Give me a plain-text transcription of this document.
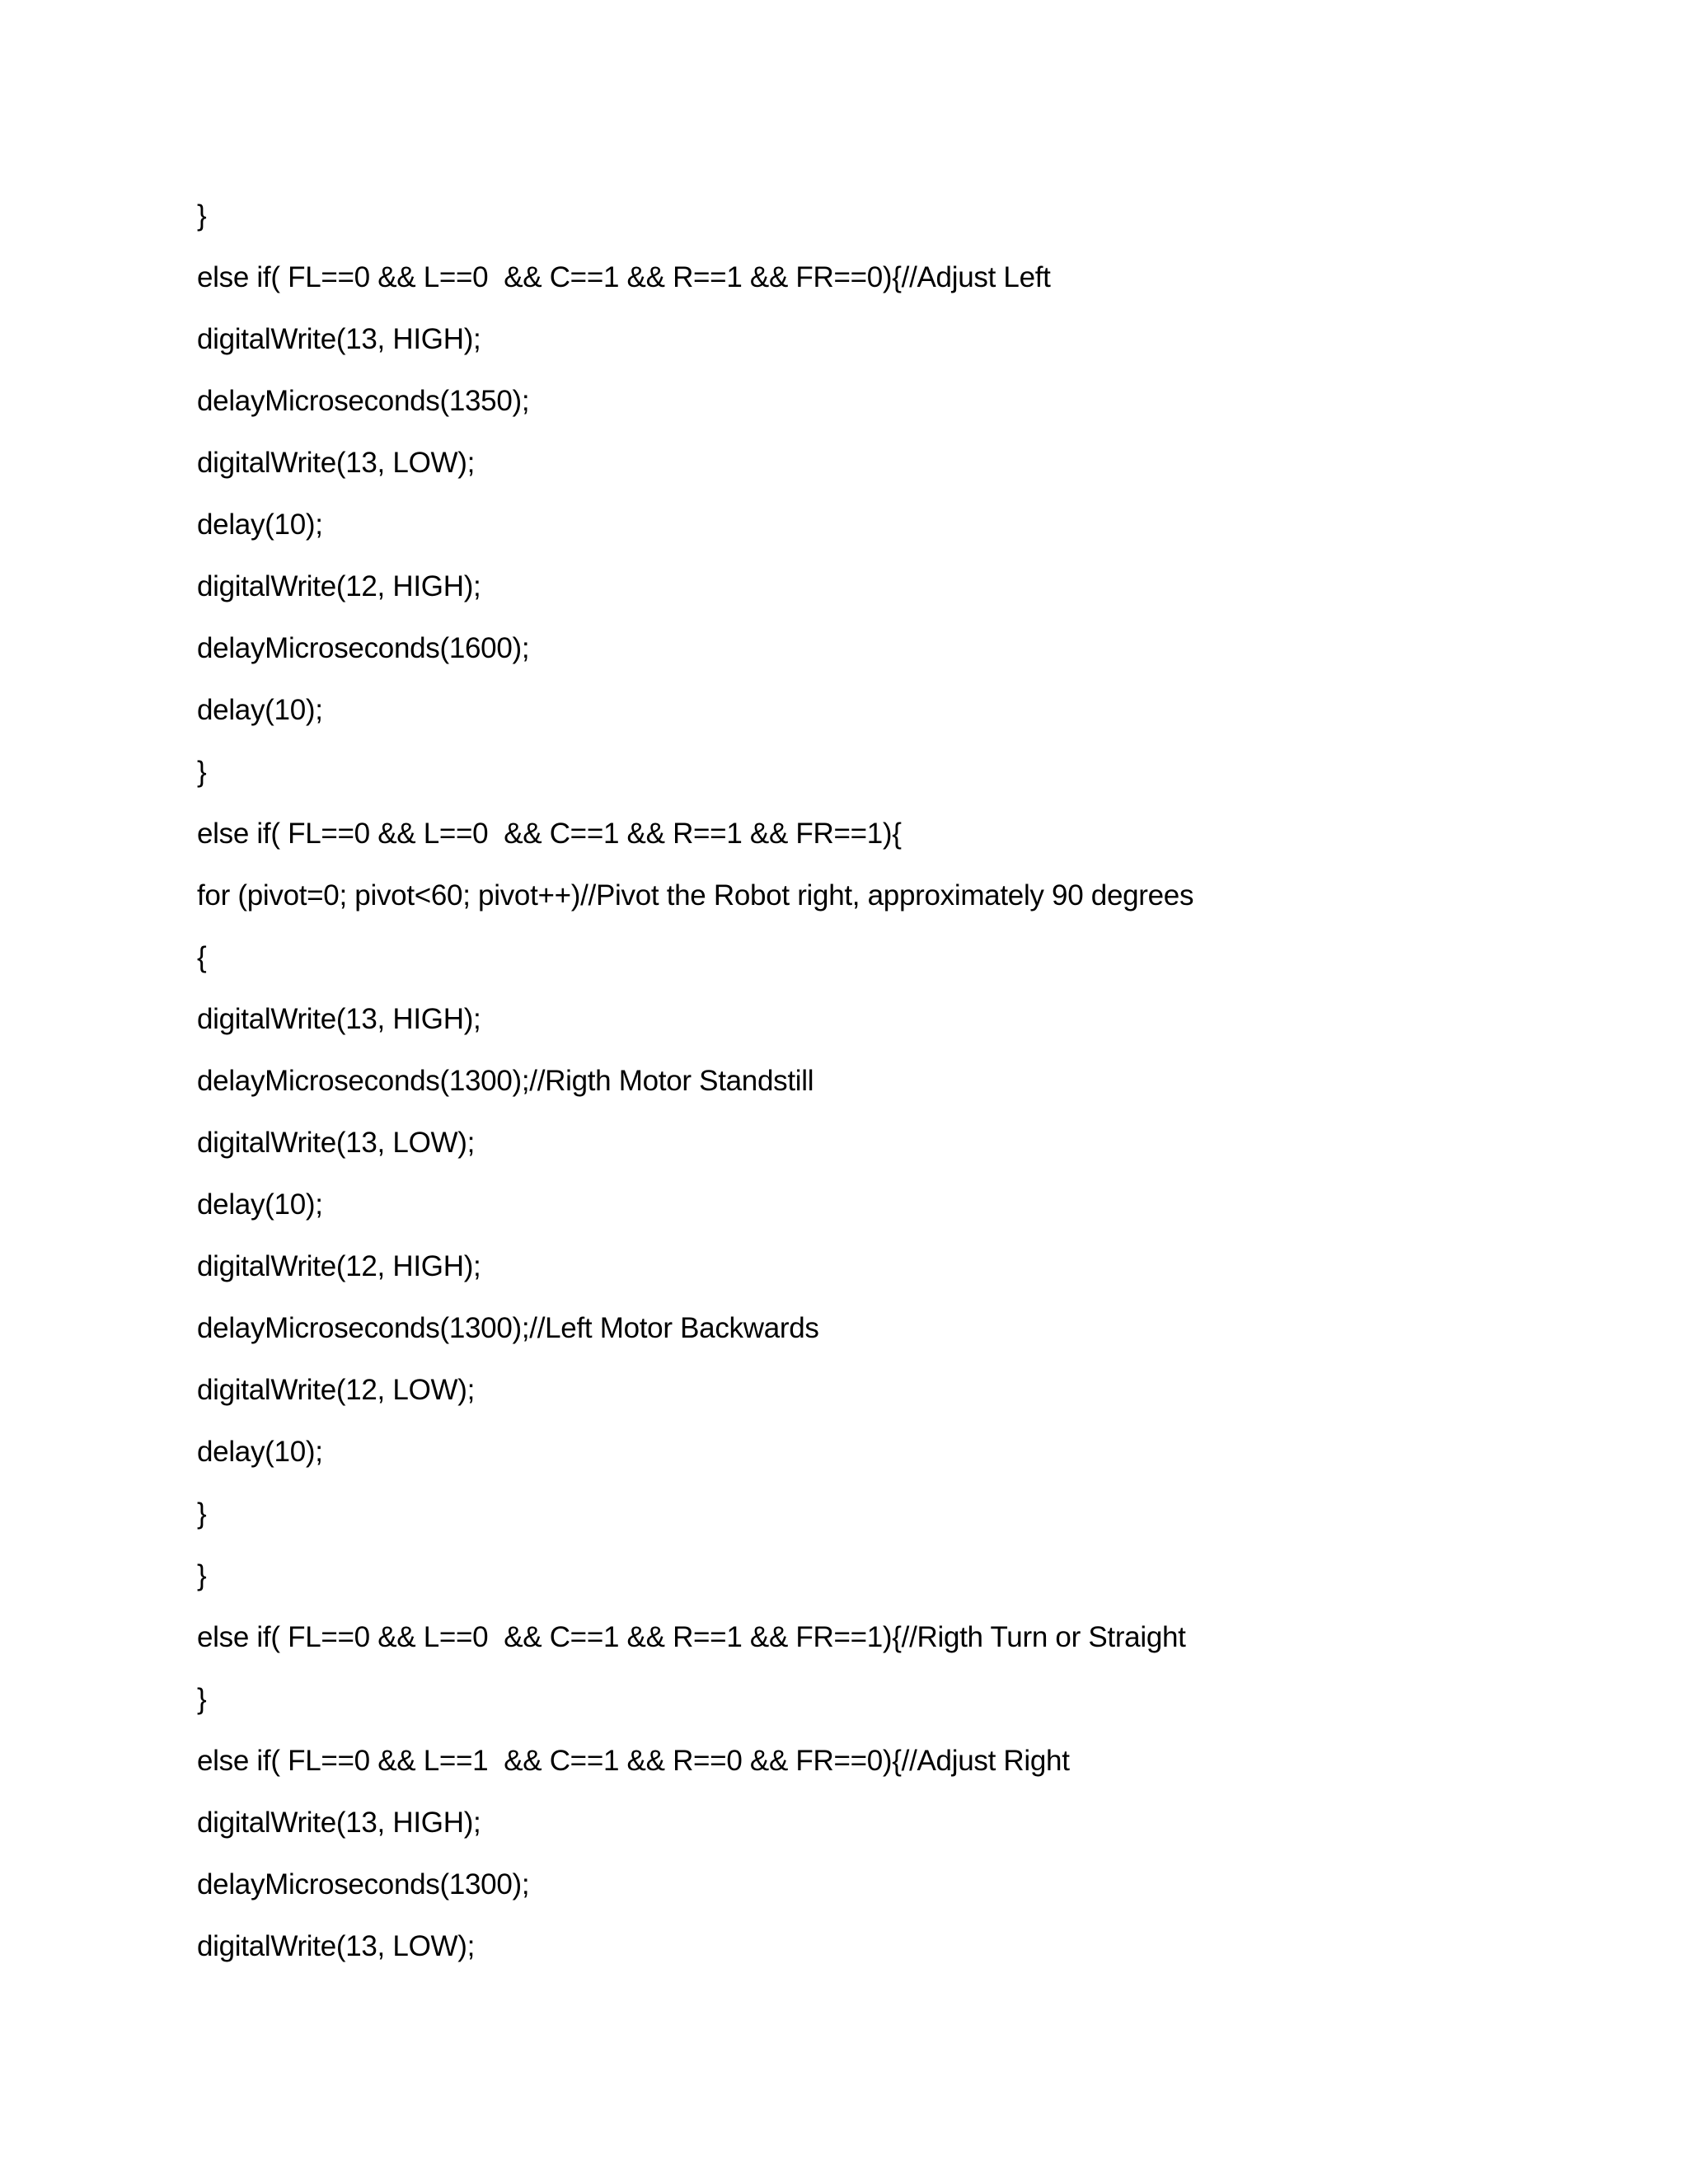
}
else if( FL==0 && L==0  && C==1 && R==1 && FR==0){//Adjust Left
digitalWrite(13, HIGH);
delayMicroseconds(1350);
digitalWrite(13, LOW);
delay(10);
digitalWrite(12, HIGH);
delayMicroseconds(1600);
delay(10);
}
else if( FL==0 && L==0  && C==1 && R==1 && FR==1){
for (pivot=0; pivot<60; pivot++)//Pivot the Robot right, approximately 90 degrees
{
digitalWrite(13, HIGH);
delayMicroseconds(1300);//Rigth Motor Standstill
digitalWrite(13, LOW);
delay(10);
digitalWrite(12, HIGH);
delayMicroseconds(1300);//Left Motor Backwards
digitalWrite(12, LOW);
delay(10);
}
}
else if( FL==0 && L==0  && C==1 && R==1 && FR==1){//Rigth Turn or Straight
}
else if( FL==0 && L==1  && C==1 && R==0 && FR==0){//Adjust Right
digitalWrite(13, HIGH);
delayMicroseconds(1300);
digitalWrite(13, LOW);
